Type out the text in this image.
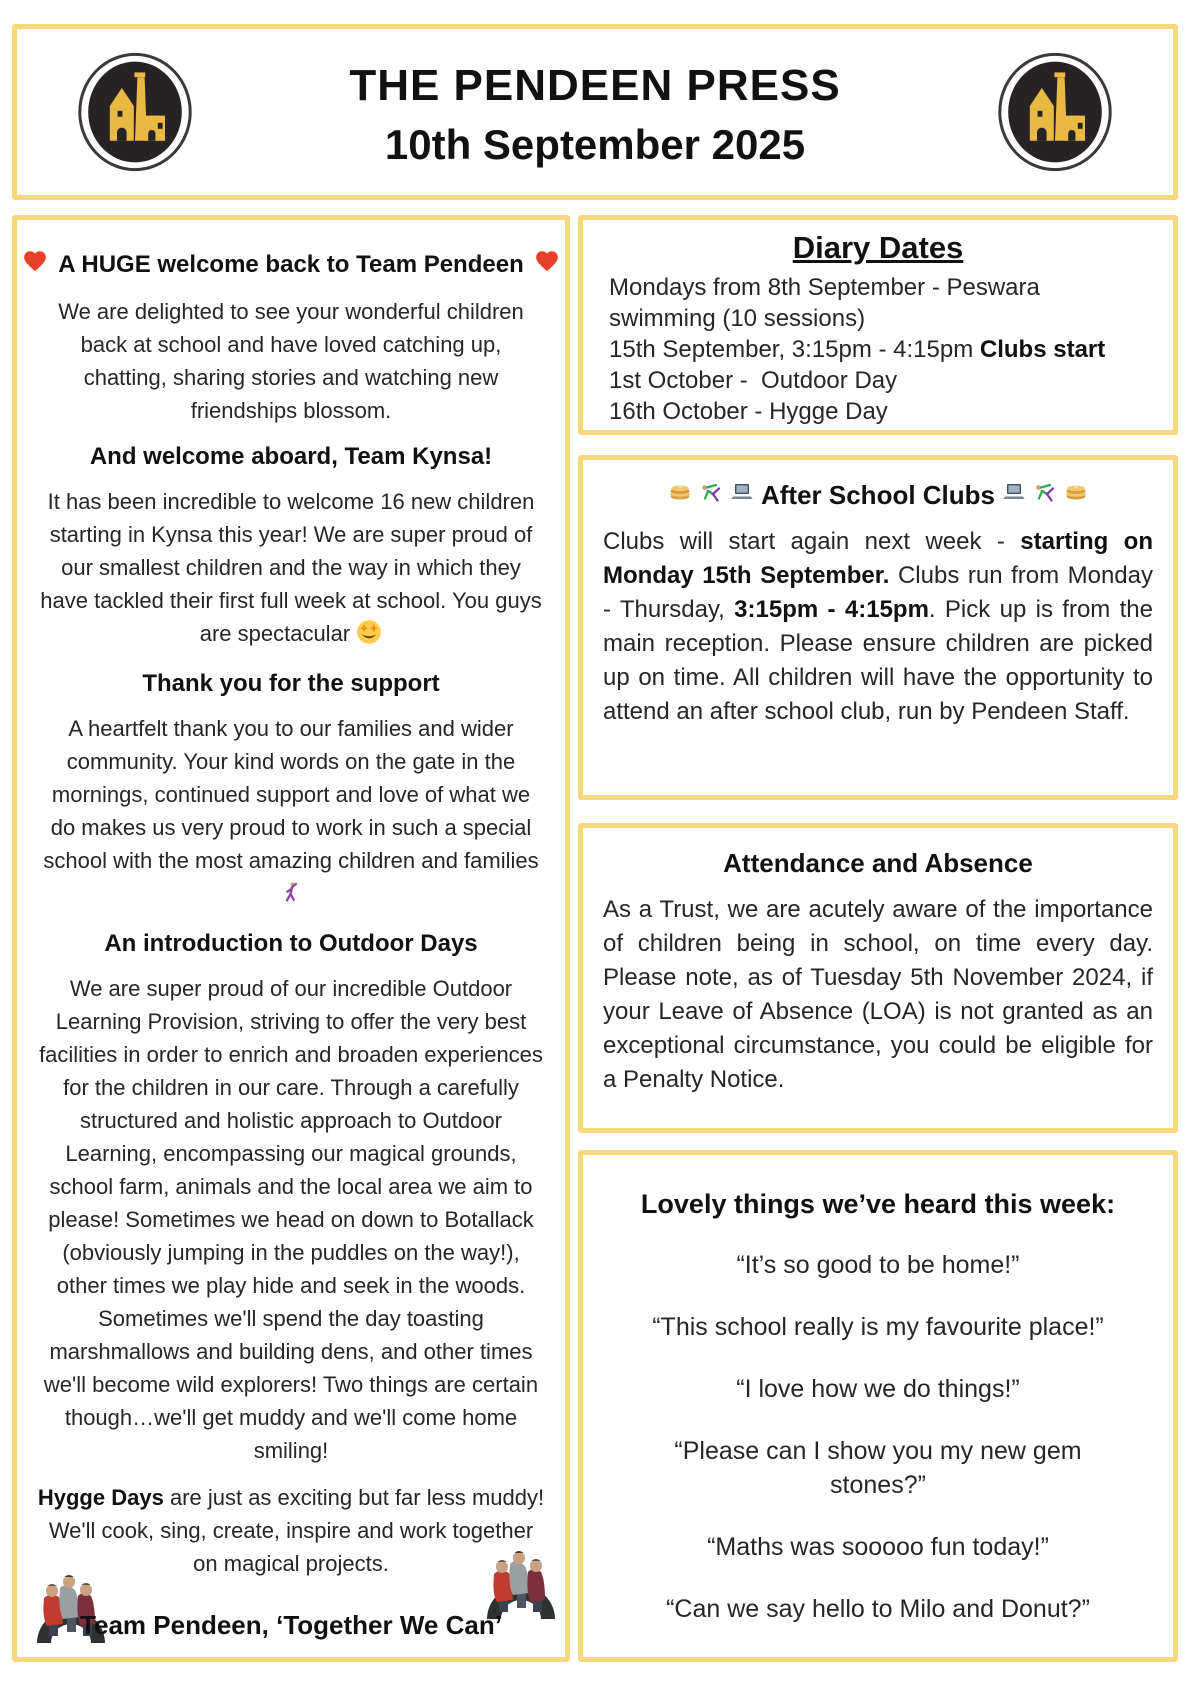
THE PENDEEN PRESS
10th September 2025
A HUGE welcome back to Team Pendeen

We are delighted to see your wonderful children back at school and have loved catching up, chatting, sharing stories and watching new friendships blossom.

And welcome aboard, Team Kynsa!

It has been incredible to welcome 16 new children starting in Kynsa this year! We are super proud of our smallest children and the way in which they have tackled their first full week at school. You guys are spectacular

Thank you for the support

A heartfelt thank you to our families and wider community. Your kind words on the gate in the mornings, continued support and love of what we do makes us very proud to work in such a special school with the most amazing children and families

An introduction to Outdoor Days

We are super proud of our incredible Outdoor Learning Provision, striving to offer the very best facilities in order to enrich and broaden experiences for the children in our care. Through a carefully structured and holistic approach to Outdoor Learning, encompassing our magical grounds, school farm, animals and the local area we aim to please! Sometimes we head on down to Botallack (obviously jumping in the puddles on the way!), other times we play hide and seek in the woods. Sometimes we'll spend the day toasting marshmallows and building dens, and other times we'll become wild explorers! Two things are certain though…we'll get muddy and we'll come home smiling!

Hygge Days are just as exciting but far less muddy! We'll cook, sing, create, inspire and work together on magical projects.

Team Pendeen, ‘Together We Can’
Diary Dates
Mondays from 8th September - Peswara swimming (10 sessions)
15th September, 3:15pm - 4:15pm Clubs start
1st October -  Outdoor Day
16th October - Hygge Day
After School Clubs

Clubs will start again next week - starting on Monday 15th September. Clubs run from Monday - Thursday, 3:15pm - 4:15pm. Pick up is from the main reception. Please ensure children are picked up on time. All children will have the opportunity to attend an after school club, run by Pendeen Staff.

Attendance and Absence

As a Trust, we are acutely aware of the importance of children being in school, on time every day. Please note, as of Tuesday 5th November 2024, if your Leave of Absence (LOA) is not granted as an exceptional circumstance, you could be eligible for a Penalty Notice.

Lovely things we’ve heard this week:
“It’s so good to be home!”
“This school really is my favourite place!”
“I love how we do things!”
“Please can I show you my new gem stones?”
“Maths was sooooo fun today!”
“Can we say hello to Milo and Donut?”
